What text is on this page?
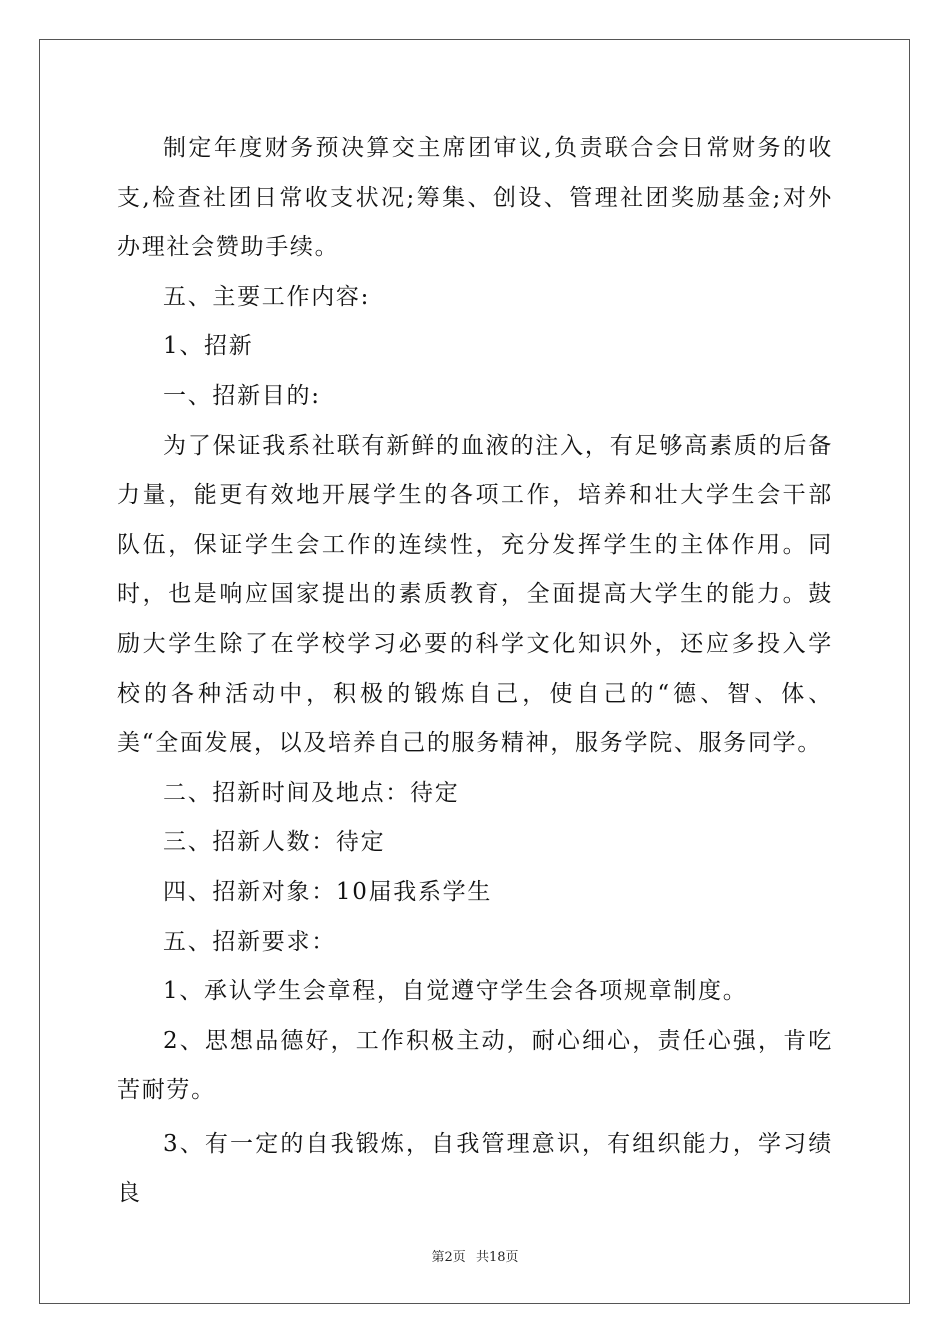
制定年度财务预决算交主席团审议,负责联合会日常财务的收支,检查社团日常收支状况;筹集、创设、管理社团奖励基金;对外办理社会赞助手续。

五、主要工作内容:

1、招新

一、招新目的:

为了保证我系社联有新鲜的血液的注入，有足够高素质的后备力量，能更有效地开展学生的各项工作，培养和壮大学生会干部队伍，保证学生会工作的连续性，充分发挥学生的主体作用。同时，也是响应国家提出的素质教育，全面提高大学生的能力。鼓励大学生除了在学校学习必要的科学文化知识外，还应多投入学校的各种活动中，积极的锻炼自己，使自己的“德、智、体、美“全面发展，以及培养自己的服务精神，服务学院、服务同学。

二、招新时间及地点：待定

三、招新人数：待定

四、招新对象：10届我系学生

五、招新要求：

1、承认学生会章程，自觉遵守学生会各项规章制度。

2、思想品德好，工作积极主动，耐心细心，责任心强，肯吃苦耐劳。

3、有一定的自我锻炼，自我管理意识，有组织能力，学习绩良

第2页 共18页
